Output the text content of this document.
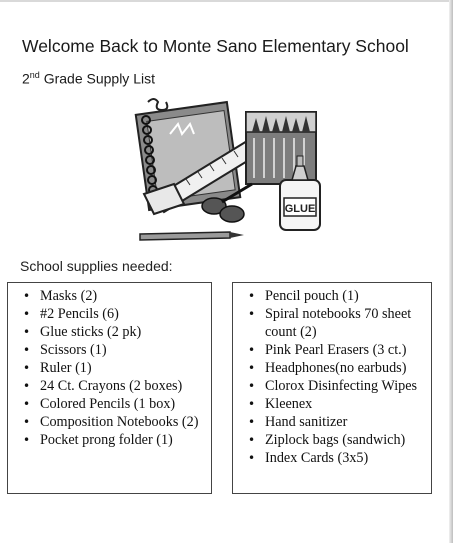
Welcome Back to Monte Sano Elementary School
2nd Grade Supply List
GLUE
School supplies needed:
• Masks (2)
• #2 Pencils (6)
• Glue sticks (2 pk)
• Scissors (1)
• Ruler (1)
• 24 Ct. Crayons (2 boxes)
• Colored Pencils (1 box)
• Composition Notebooks (2)
• Pocket prong folder (1)
• Pencil pouch (1)
• Spiral notebooks 70 sheet count (2)
• Pink Pearl Erasers (3 ct.)
• Headphones(no earbuds)
• Clorox Disinfecting Wipes
• Kleenex
• Hand sanitizer
• Ziplock bags (sandwich)
• Index Cards (3x5)
